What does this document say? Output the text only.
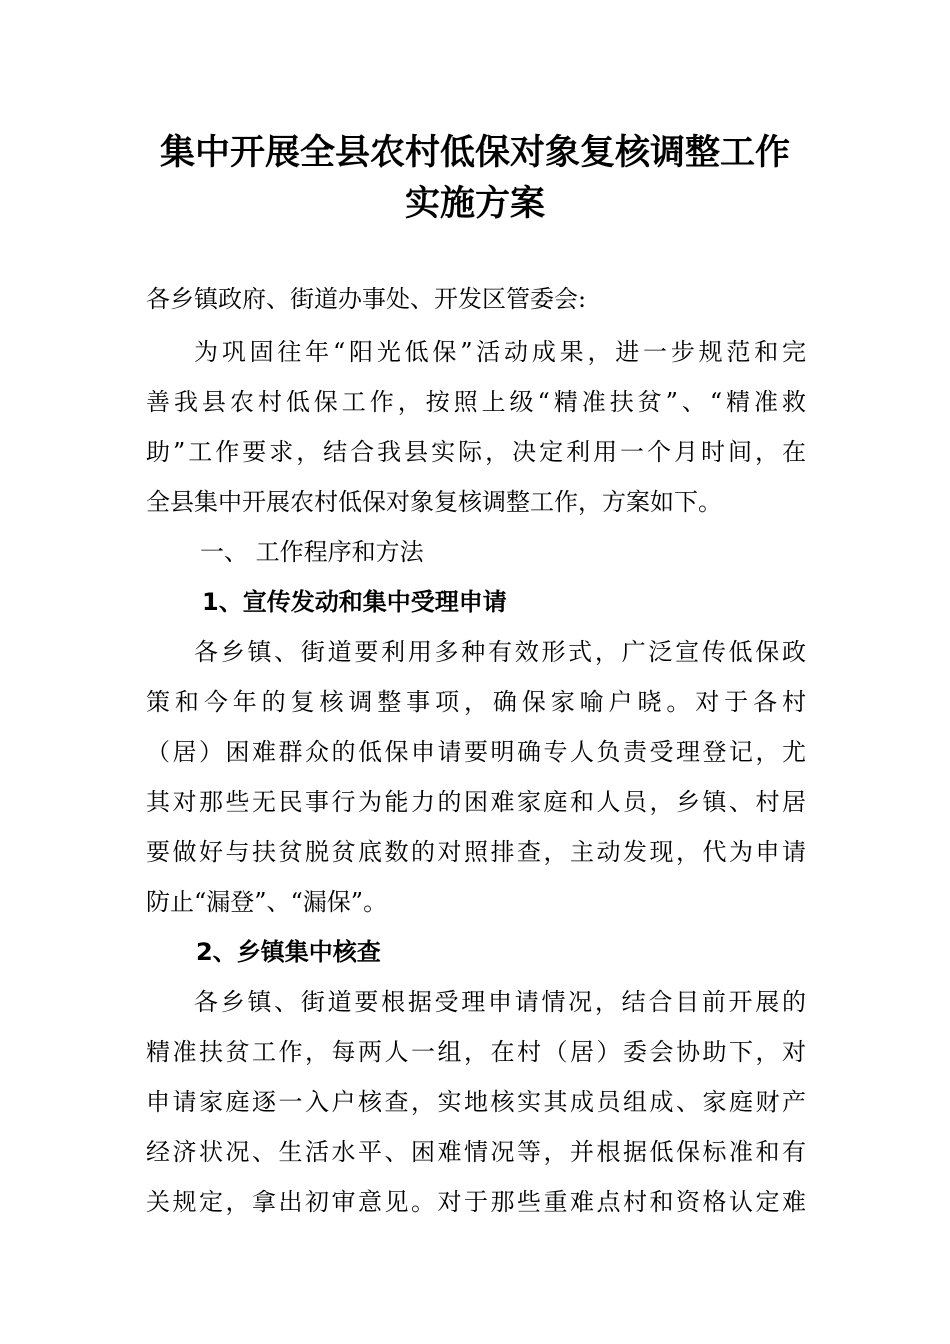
集中开展全县农村低保对象复核调整工作
实施方案
各乡镇政府、街道办事处、开发区管委会:
为巩固往年“阳光低保”活动成果，进一步规范和完
善我县农村低保工作，按照上级“精准扶贫”、“精准救
助”工作要求，结合我县实际，决定利用一个月时间，在
全县集中开展农村低保对象复核调整工作，方案如下。
一、 工作程序和方法
1、宣传发动和集中受理申请
各乡镇、街道要利用多种有效形式，广泛宣传低保政
策和今年的复核调整事项，确保家喻户晓。对于各村
（居）困难群众的低保申请要明确专人负责受理登记，尤
其对那些无民事行为能力的困难家庭和人员，乡镇、村居
要做好与扶贫脱贫底数的对照排查，主动发现，代为申请
防止“漏登”、“漏保”。
2、乡镇集中核查
各乡镇、街道要根据受理申请情况，结合目前开展的
精准扶贫工作，每两人一组，在村（居）委会协助下，对
申请家庭逐一入户核查，实地核实其成员组成、家庭财产
经济状况、生活水平、困难情况等，并根据低保标准和有
关规定，拿出初审意见。对于那些重难点村和资格认定难
